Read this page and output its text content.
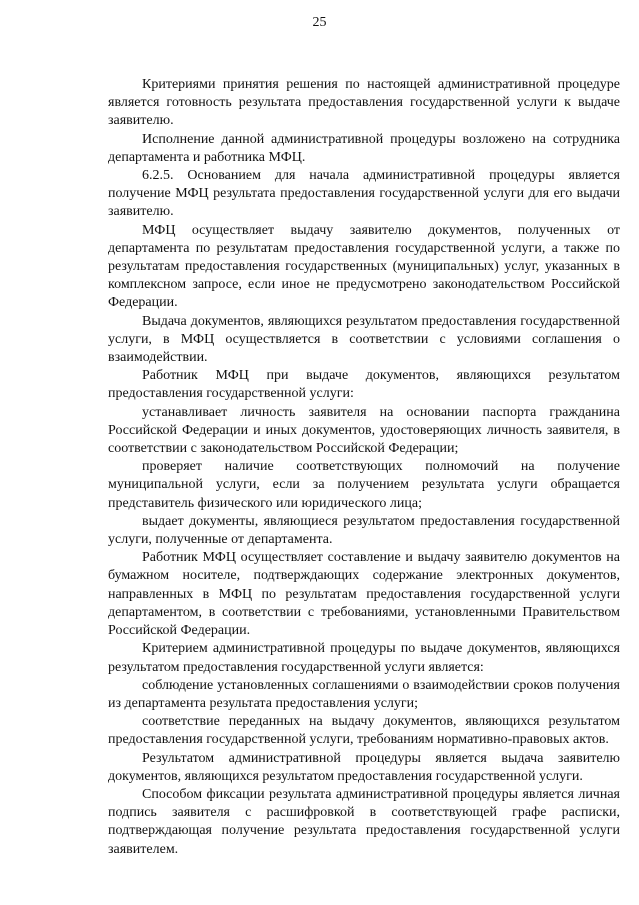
25

Критериями принятия решения по настоящей административной процедуре является готовность результата предоставления государственной услуги к выдаче заявителю.

Исполнение данной административной процедуры возложено на сотрудника департамента и работника МФЦ.

6.2.5. Основанием для начала административной процедуры является получение МФЦ результата предоставления государственной услуги для его выдачи заявителю.

МФЦ осуществляет выдачу заявителю документов, полученных от департамента по результатам предоставления государственной услуги, а также по результатам предоставления государственных (муниципальных) услуг, указанных в комплексном запросе, если иное не предусмотрено законодательством Российской Федерации.

Выдача документов, являющихся результатом предоставления государственной услуги, в МФЦ осуществляется в соответствии с условиями соглашения о взаимодействии.

Работник МФЦ при выдаче документов, являющихся результатом предоставления государственной услуги:

устанавливает личность заявителя на основании паспорта гражданина Российской Федерации и иных документов, удостоверяющих личность заявителя, в соответствии с законодательством Российской Федерации;

проверяет наличие соответствующих полномочий на получение муниципальной услуги, если за получением результата услуги обращается представитель физического или юридического лица;

выдает документы, являющиеся результатом предоставления государственной услуги, полученные от департамента.

Работник МФЦ осуществляет составление и выдачу заявителю документов на бумажном носителе, подтверждающих содержание электронных документов, направленных в МФЦ по результатам предоставления государственной услуги департаментом, в соответствии с требованиями, установленными Правительством Российской Федерации.

Критерием административной процедуры по выдаче документов, являющихся результатом предоставления государственной услуги является:

соблюдение установленных соглашениями о взаимодействии сроков получения из департамента результата предоставления услуги;

соответствие переданных на выдачу документов, являющихся результатом предоставления государственной услуги, требованиям нормативно-правовых актов.

Результатом административной процедуры является выдача заявителю документов, являющихся результатом предоставления государственной услуги.

Способом фиксации результата административной процедуры является личная подпись заявителя с расшифровкой в соответствующей графе расписки, подтверждающая получение результата предоставления государственной услуги заявителем.
